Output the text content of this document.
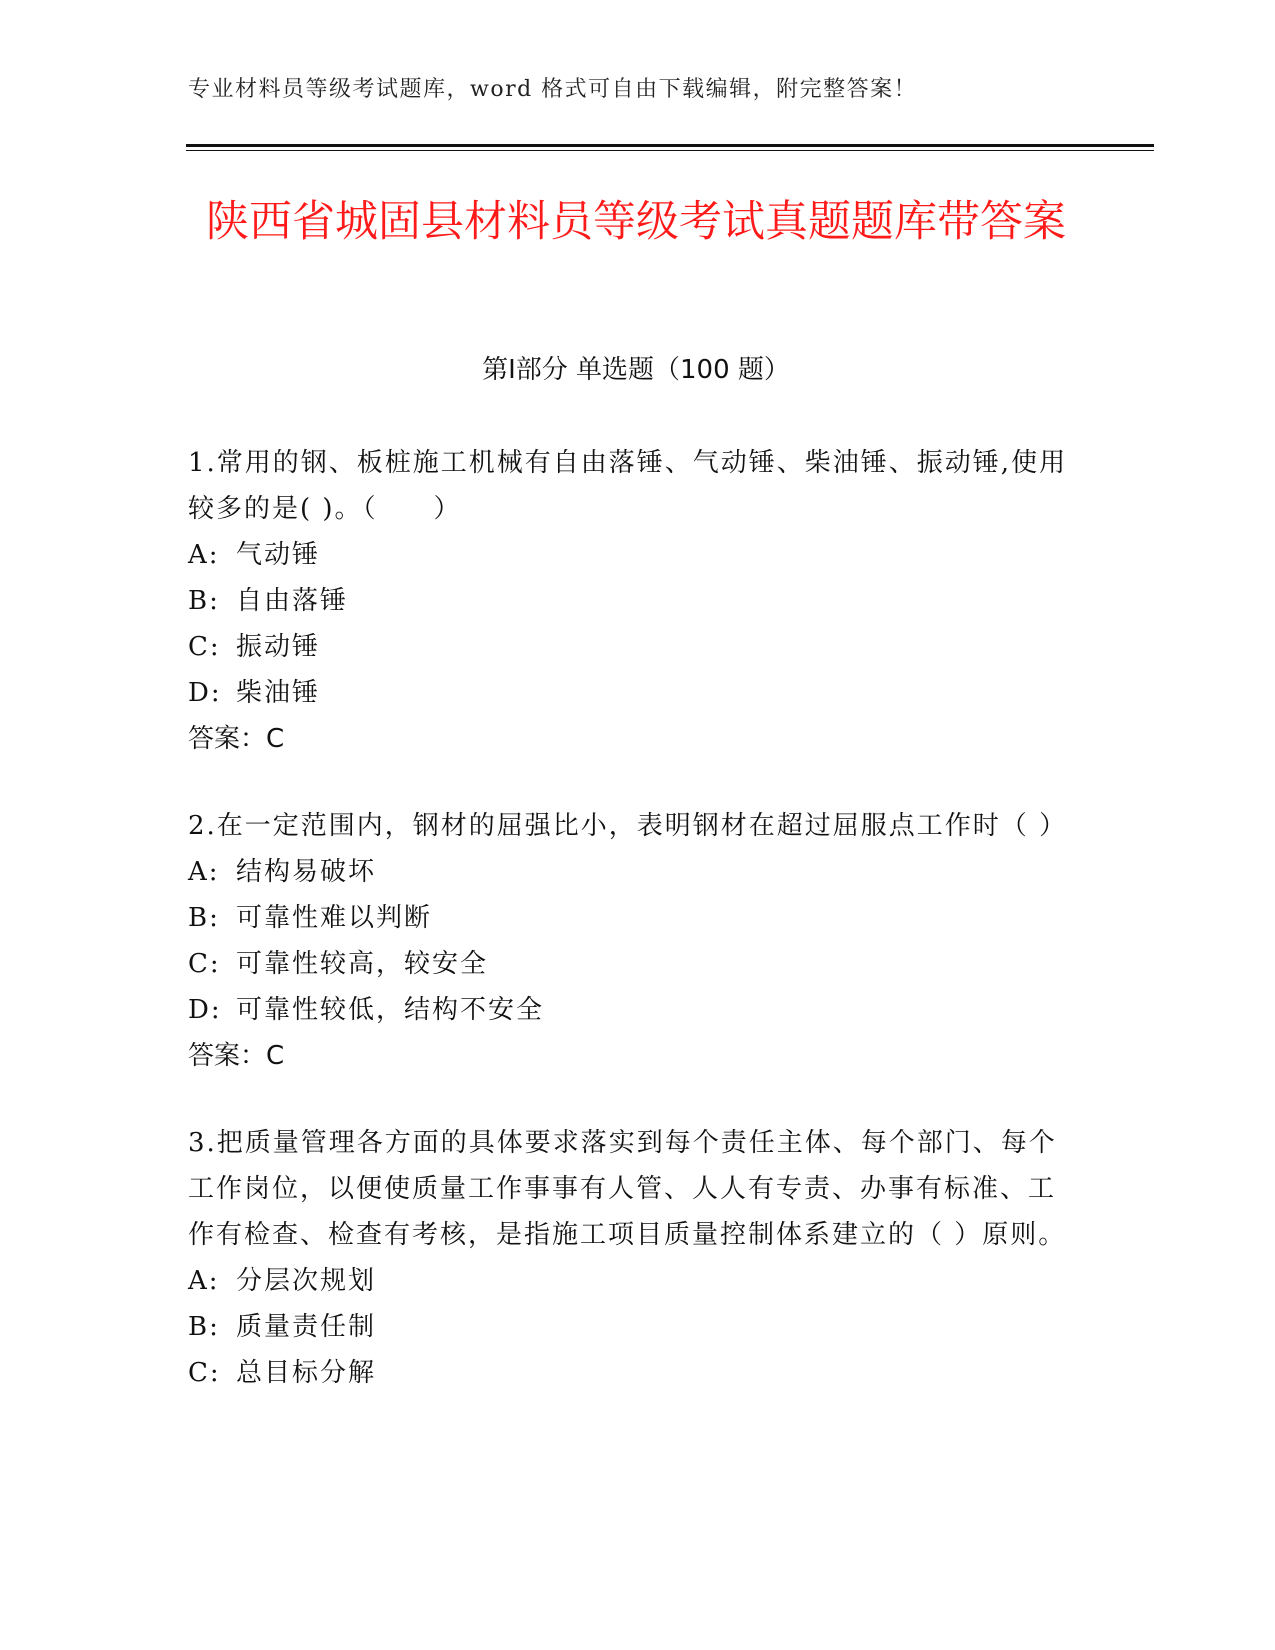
专业材料员等级考试题库，word 格式可自由下载编辑，附完整答案！
陕西省城固县材料员等级考试真题题库带答案
第Ⅰ部分 单选题（100 题）

1.常用的钢、板桩施工机械有自由落锤、气动锤、柴油锤、振动锤,使用较多的是( )。（　　）

A: 气动锤

B: 自由落锤

C: 振动锤

D: 柴油锤

答案：C

2.在一定范围内，钢材的屈强比小，表明钢材在超过屈服点工作时（ ）

A: 结构易破坏

B: 可靠性难以判断

C: 可靠性较高，较安全

D: 可靠性较低，结构不安全

答案：C

3.把质量管理各方面的具体要求落实到每个责任主体、每个部门、每个工作岗位，以便使质量工作事事有人管、人人有专责、办事有标准、工作有检查、检查有考核，是指施工项目质量控制体系建立的（ ）原则。

A: 分层次规划

B: 质量责任制

C: 总目标分解
